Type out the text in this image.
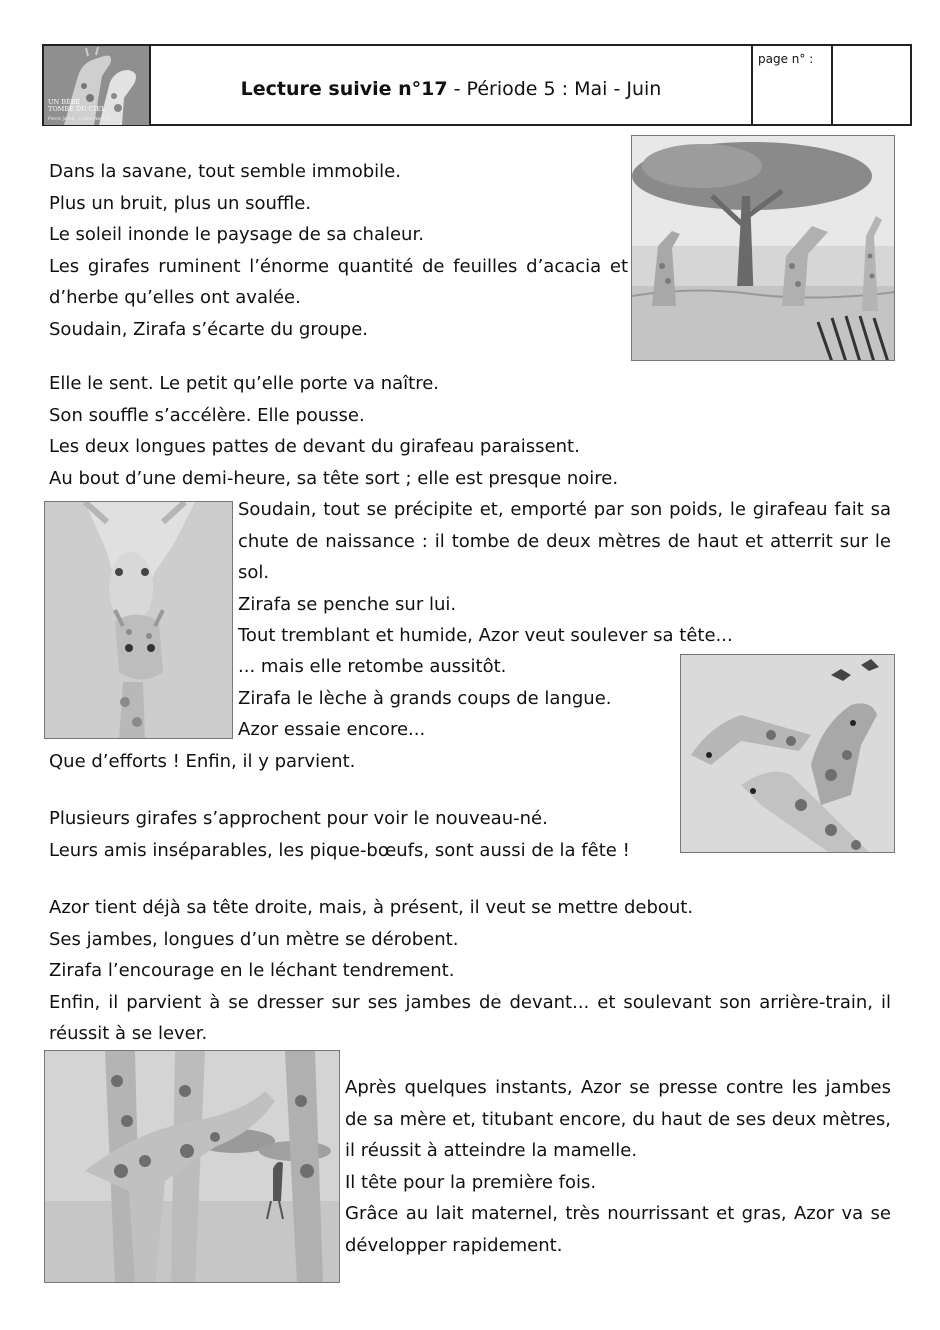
UN BÉBÉ
TOMBÉ DU CIEL
Pierre Jacob · Céline Nesbitt
Lecture suivie n°17 - Période 5 : Mai - Juin
page n° :

Dans la savane, tout semble immobile.

Plus un bruit, plus un souffle.

Le soleil inonde le paysage de sa chaleur.

Les girafes ruminent l’énorme quantité de feuilles d’acacia et d’herbe qu’elles ont avalée.

Soudain, Zirafa s’écarte du groupe.

Elle le sent. Le petit qu’elle porte va naître.

Son souffle s’accélère. Elle pousse.

Les deux longues pattes de devant du girafeau paraissent.

Au bout d’une demi-heure, sa tête sort ; elle est presque noire.

Soudain, tout se précipite et, emporté par son poids, le girafeau fait sa chute de naissance : il tombe de deux mètres de haut et atterrit sur le sol.

Zirafa se penche sur lui.

Tout tremblant et humide, Azor veut soulever sa tête...

... mais elle retombe aussitôt.

Zirafa le lèche à grands coups de langue.

Azor essaie encore...

Que d’efforts ! Enfin, il y parvient.

Plusieurs girafes s’approchent pour voir le nouveau-né.

Leurs amis inséparables, les pique-bœufs, sont aussi de la fête !

Azor tient déjà sa tête droite, mais, à présent, il veut se mettre debout.

Ses jambes, longues d’un mètre se dérobent.

Zirafa l’encourage en le léchant tendrement.

Enfin, il parvient à se dresser sur ses jambes de devant... et soulevant son arrière-train, il réussit à se lever.

Après quelques instants, Azor se presse contre les jambes de sa mère et, titubant encore, du haut de ses deux mètres, il réussit à atteindre la mamelle.

Il tête pour la première fois.

Grâce au lait maternel, très nourrissant et gras, Azor va se développer rapidement.
